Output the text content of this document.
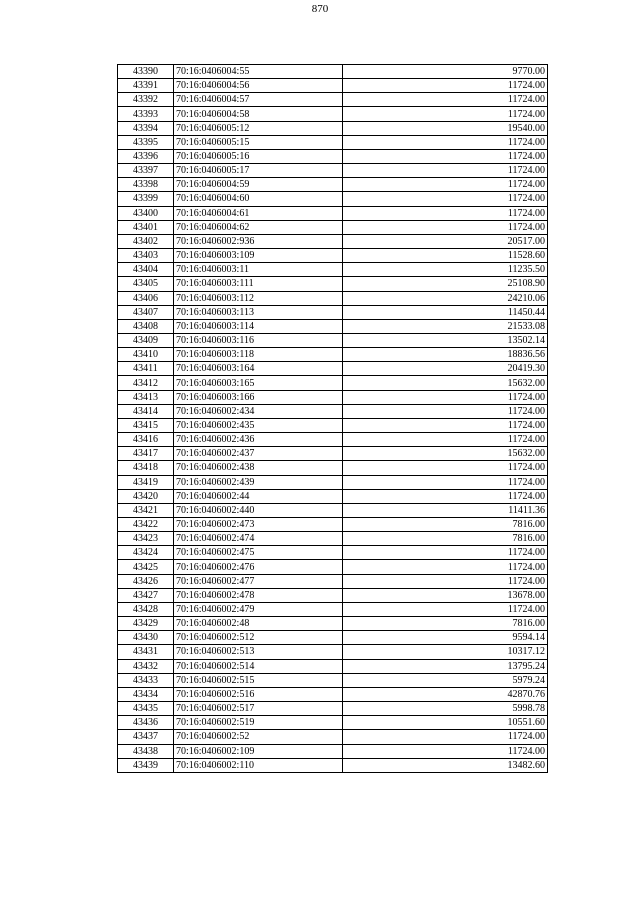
870
43390	70:16:0406004:55	9770.00
43391	70:16:0406004:56	11724.00
43392	70:16:0406004:57	11724.00
43393	70:16:0406004:58	11724.00
43394	70:16:0406005:12	19540.00
43395	70:16:0406005:15	11724.00
43396	70:16:0406005:16	11724.00
43397	70:16:0406005:17	11724.00
43398	70:16:0406004:59	11724.00
43399	70:16:0406004:60	11724.00
43400	70:16:0406004:61	11724.00
43401	70:16:0406004:62	11724.00
43402	70:16:0406002:936	20517.00
43403	70:16:0406003:109	11528.60
43404	70:16:0406003:11	11235.50
43405	70:16:0406003:111	25108.90
43406	70:16:0406003:112	24210.06
43407	70:16:0406003:113	11450.44
43408	70:16:0406003:114	21533.08
43409	70:16:0406003:116	13502.14
43410	70:16:0406003:118	18836.56
43411	70:16:0406003:164	20419.30
43412	70:16:0406003:165	15632.00
43413	70:16:0406003:166	11724.00
43414	70:16:0406002:434	11724.00
43415	70:16:0406002:435	11724.00
43416	70:16:0406002:436	11724.00
43417	70:16:0406002:437	15632.00
43418	70:16:0406002:438	11724.00
43419	70:16:0406002:439	11724.00
43420	70:16:0406002:44	11724.00
43421	70:16:0406002:440	11411.36
43422	70:16:0406002:473	7816.00
43423	70:16:0406002:474	7816.00
43424	70:16:0406002:475	11724.00
43425	70:16:0406002:476	11724.00
43426	70:16:0406002:477	11724.00
43427	70:16:0406002:478	13678.00
43428	70:16:0406002:479	11724.00
43429	70:16:0406002:48	7816.00
43430	70:16:0406002:512	9594.14
43431	70:16:0406002:513	10317.12
43432	70:16:0406002:514	13795.24
43433	70:16:0406002:515	5979.24
43434	70:16:0406002:516	42870.76
43435	70:16:0406002:517	5998.78
43436	70:16:0406002:519	10551.60
43437	70:16:0406002:52	11724.00
43438	70:16:0406002:109	11724.00
43439	70:16:0406002:110	13482.60
